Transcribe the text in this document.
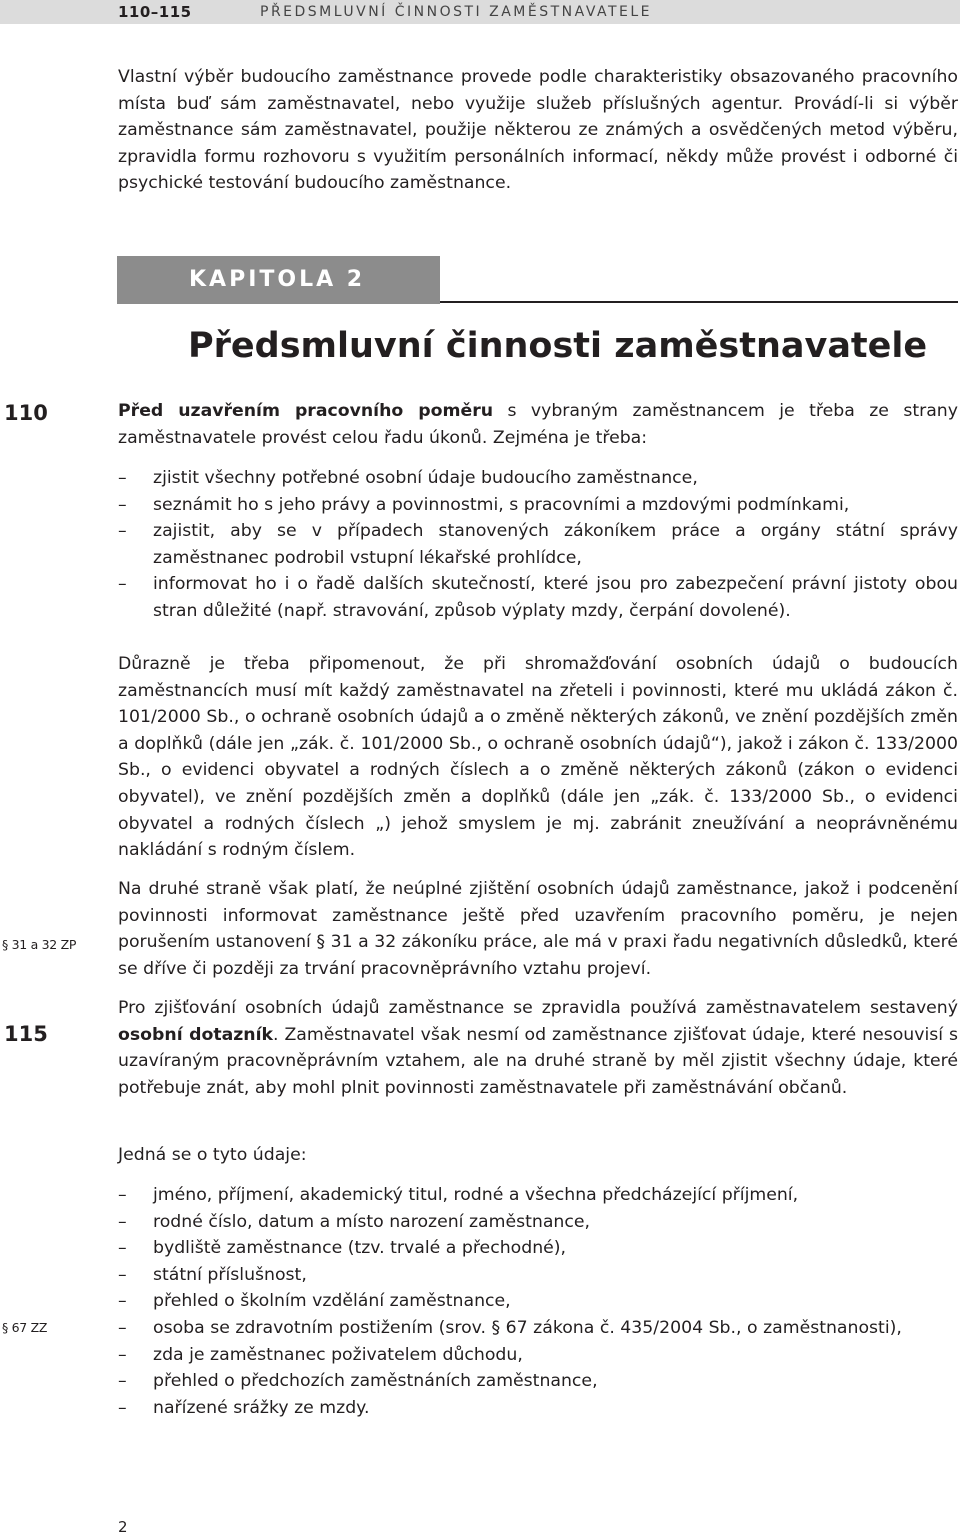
110–115	PŘEDSMLUVNÍ ČINNOSTI ZAMĚSTNAVATELE

Vlastní výběr budoucího zaměstnance provede podle charakteristiky obsazovaného pracovního místa buď sám zaměstnavatel, nebo využije služeb příslušných agentur. Provádí-li si výběr zaměstnance sám zaměstnavatel, použije některou ze známých a osvědčených metod výběru, zpravidla formu rozhovoru s využitím personálních informací, někdy může provést i odborné či psychické testování budoucího zaměstnance.

KAPITOLA 2
Předsmluvní činnosti zaměstnavatele
110
§ 31 a 32 ZP
115
§ 67 ZZ

Před uzavřením pracovního poměru s vybraným zaměstnancem je třeba ze strany zaměstnavatele provést celou řadu úkonů. Zejména je třeba:

– zjistit všechny potřebné osobní údaje budoucího zaměstnance,
– seznámit ho s jeho právy a povinnostmi, s pracovními a mzdovými podmínkami,
– zajistit, aby se v případech stanovených zákoníkem práce a orgány státní správy zaměstnanec podrobil vstupní lékařské prohlídce,
– informovat ho i o řadě dalších skutečností, které jsou pro zabezpečení právní jistoty obou stran důležité (např. stravování, způsob výplaty mzdy, čerpání dovolené).

Důrazně je třeba připomenout, že při shromažďování osobních údajů o budoucích zaměstnancích musí mít každý zaměstnavatel na zřeteli i povinnosti, které mu ukládá zákon č. 101/2000 Sb., o ochraně osobních údajů a o změně některých zákonů, ve znění pozdějších změn a doplňků (dále jen „zák. č. 101/2000 Sb., o ochraně osobních údajů“), jakož i zákon č. 133/2000 Sb., o evidenci obyvatel a rodných číslech a o změně některých zákonů (zákon o evidenci obyvatel), ve znění pozdějších změn a doplňků (dále jen „zák. č. 133/2000 Sb., o evidenci obyvatel a rodných číslech „) jehož smyslem je mj. zabránit zneužívání a neoprávněnému nakládání s rodným číslem.

Na druhé straně však platí, že neúplné zjištění osobních údajů zaměstnance, jakož i podcenění povinnosti informovat zaměstnance ještě před uzavřením pracovního poměru, je nejen porušením ustanovení § 31 a 32 zákoníku práce, ale má v praxi řadu negativních důsledků, které se dříve či později za trvání pracovněprávního vztahu projeví.

Pro zjišťování osobních údajů zaměstnance se zpravidla používá zaměstnavatelem sestavený osobní dotazník. Zaměstnavatel však nesmí od zaměstnance zjišťovat údaje, které nesouvisí s uzavíraným pracovněprávním vztahem, ale na druhé straně by měl zjistit všechny údaje, které potřebuje znát, aby mohl plnit povinnosti zaměstnavatele při zaměstnávání občanů.

Jedná se o tyto údaje:

– jméno, příjmení, akademický titul, rodné a všechna předcházející příjmení,
– rodné číslo, datum a místo narození zaměstnance,
– bydliště zaměstnance (tzv. trvalé a přechodné),
– státní příslušnost,
– přehled o školním vzdělání zaměstnance,
– osoba se zdravotním postižením (srov. § 67 zákona č. 435/2004 Sb., o zaměstnanosti),
– zda je zaměstnanec poživatelem důchodu,
– přehled o předchozích zaměstnáních zaměstnance,
– nařízené srážky ze mzdy.
2
